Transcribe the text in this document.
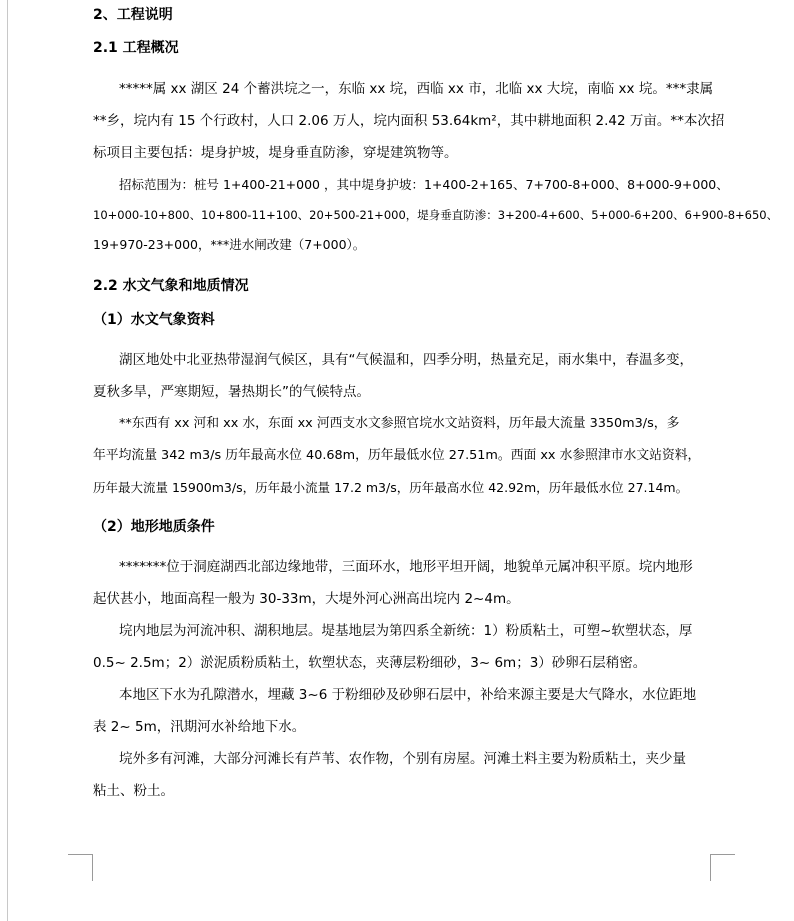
2、工程说明
2.1 工程概况
*****属 xx 湖区 24 个蓄洪垸之一，东临 xx 垸，西临 xx 市，北临 xx 大垸，南临 xx 垸。***隶属
**乡，垸内有 15 个行政村，人口 2.06 万人，垸内面积 53.64km²，其中耕地面积 2.42 万亩。**本次招
标项目主要包括：堤身护坡，堤身垂直防渗，穿堤建筑物等。
招标范围为：桩号 1+400-21+000 ，其中堤身护坡：1+400-2+165、7+700-8+000、8+000-9+000、
10+000-10+800、10+800-11+100、20+500-21+000，堤身垂直防渗：3+200-4+600、5+000-6+200、6+900-8+650、
19+970-23+000，***进水闸改建（7+000）。
2.2 水文气象和地质情况
（1）水文气象资料
湖区地处中北亚热带湿润气候区，具有“气候温和，四季分明，热量充足，雨水集中，春温多变，
夏秋多旱，严寒期短，暑热期长”的气候特点。
**东西有 xx 河和 xx 水，东面 xx 河西支水文参照官垸水文站资料，历年最大流量 3350m3/s，多
年平均流量 342 m3/s 历年最高水位 40.68m，历年最低水位 27.51m。西面 xx 水参照津市水文站资料，
历年最大流量 15900m3/s，历年最小流量 17.2 m3/s，历年最高水位 42.92m，历年最低水位 27.14m。
（2）地形地质条件
*******位于洞庭湖西北部边缘地带，三面环水，地形平坦开阔，地貌单元属冲积平原。垸内地形
起伏甚小，地面高程一般为 30-33m，大堤外河心洲高出垸内 2~4m。
垸内地层为河流冲积、湖积地层。堤基地层为第四系全新统：1）粉质粘土，可塑~软塑状态，厚
0.5~ 2.5m；2）淤泥质粉质粘土，软塑状态，夹薄层粉细砂，3~ 6m；3）砂卵石层稍密。
本地区下水为孔隙潜水，埋藏 3~6 于粉细砂及砂卵石层中，补给来源主要是大气降水，水位距地
表 2~ 5m，汛期河水补给地下水。
垸外多有河滩，大部分河滩长有芦苇、农作物，个别有房屋。河滩土料主要为粉质粘土，夹少量
粘土、粉土。
